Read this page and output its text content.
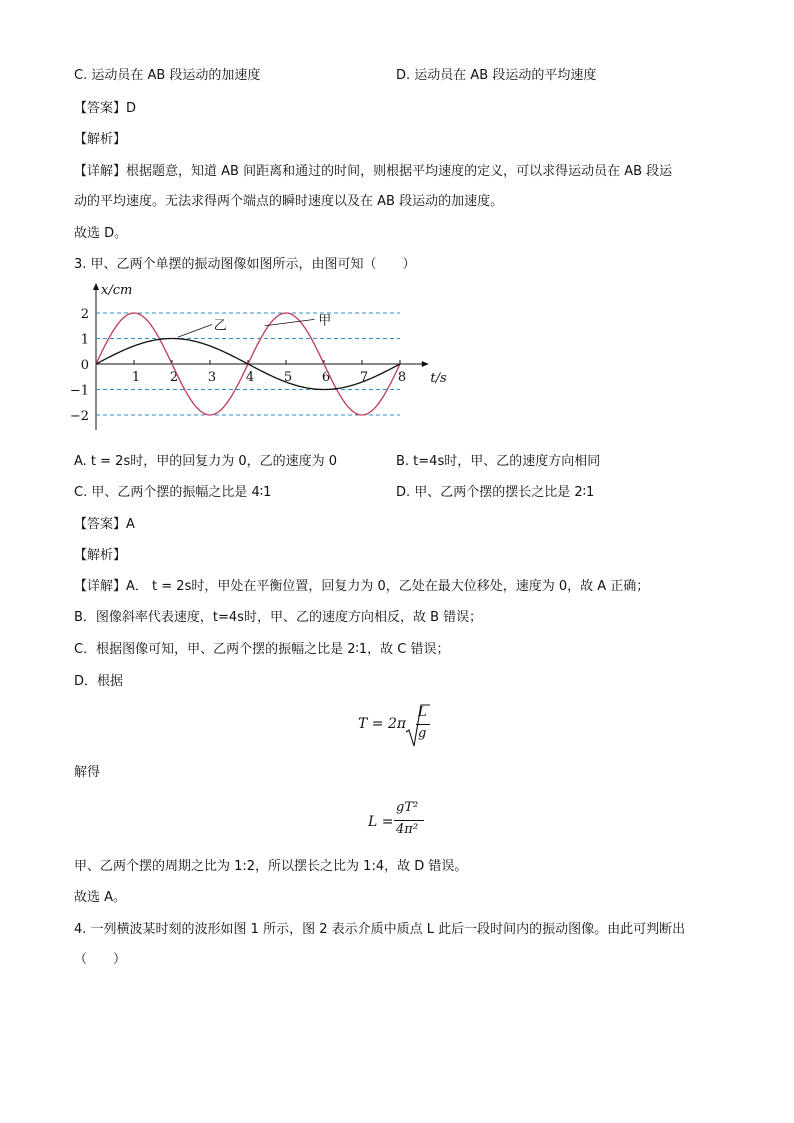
C. 运动员在 AB 段运动的加速度	D. 运动员在 AB 段运动的平均速度
【答案】D
【解析】
【详解】根据题意，知道 AB 间距离和通过的时间，则根据平均速度的定义，可以求得运动员在 AB 段运
动的平均速度。无法求得两个端点的瞬时速度以及在 AB 段运动的加速度。
故选 D。
3. 甲、乙两个单摆的振动图像如图所示，由图可知（　　）
1 2 3 4 5 6 7 8
2
1
0
−1
−2
甲
乙
x/cm
t/s
A. t = 2s时，甲的回复力为 0，乙的速度为 0	B. t=4s时，甲、乙的速度方向相同
C. 甲、乙两个摆的振幅之比是 4∶1	D. 甲、乙两个摆的摆长之比是 2∶1
【答案】A
【解析】
【详解】A． t = 2s时，甲处在平衡位置，回复力为 0，乙处在最大位移处，速度为 0，故 A 正确；
B．图像斜率代表速度，t=4s时，甲、乙的速度方向相反，故 B 错误；
C．根据图像可知，甲、乙两个摆的振幅之比是 2∶1，故 C 错误；
D．根据
T = 2π
L
g
解得
L =
gT²
4π²
甲、乙两个摆的周期之比为 1:2，所以摆长之比为 1:4，故 D 错误。
故选 A。
4. 一列横波某时刻的波形如图 1 所示，图 2 表示介质中质点 L 此后一段时间内的振动图像。由此可判断出
（　　）
